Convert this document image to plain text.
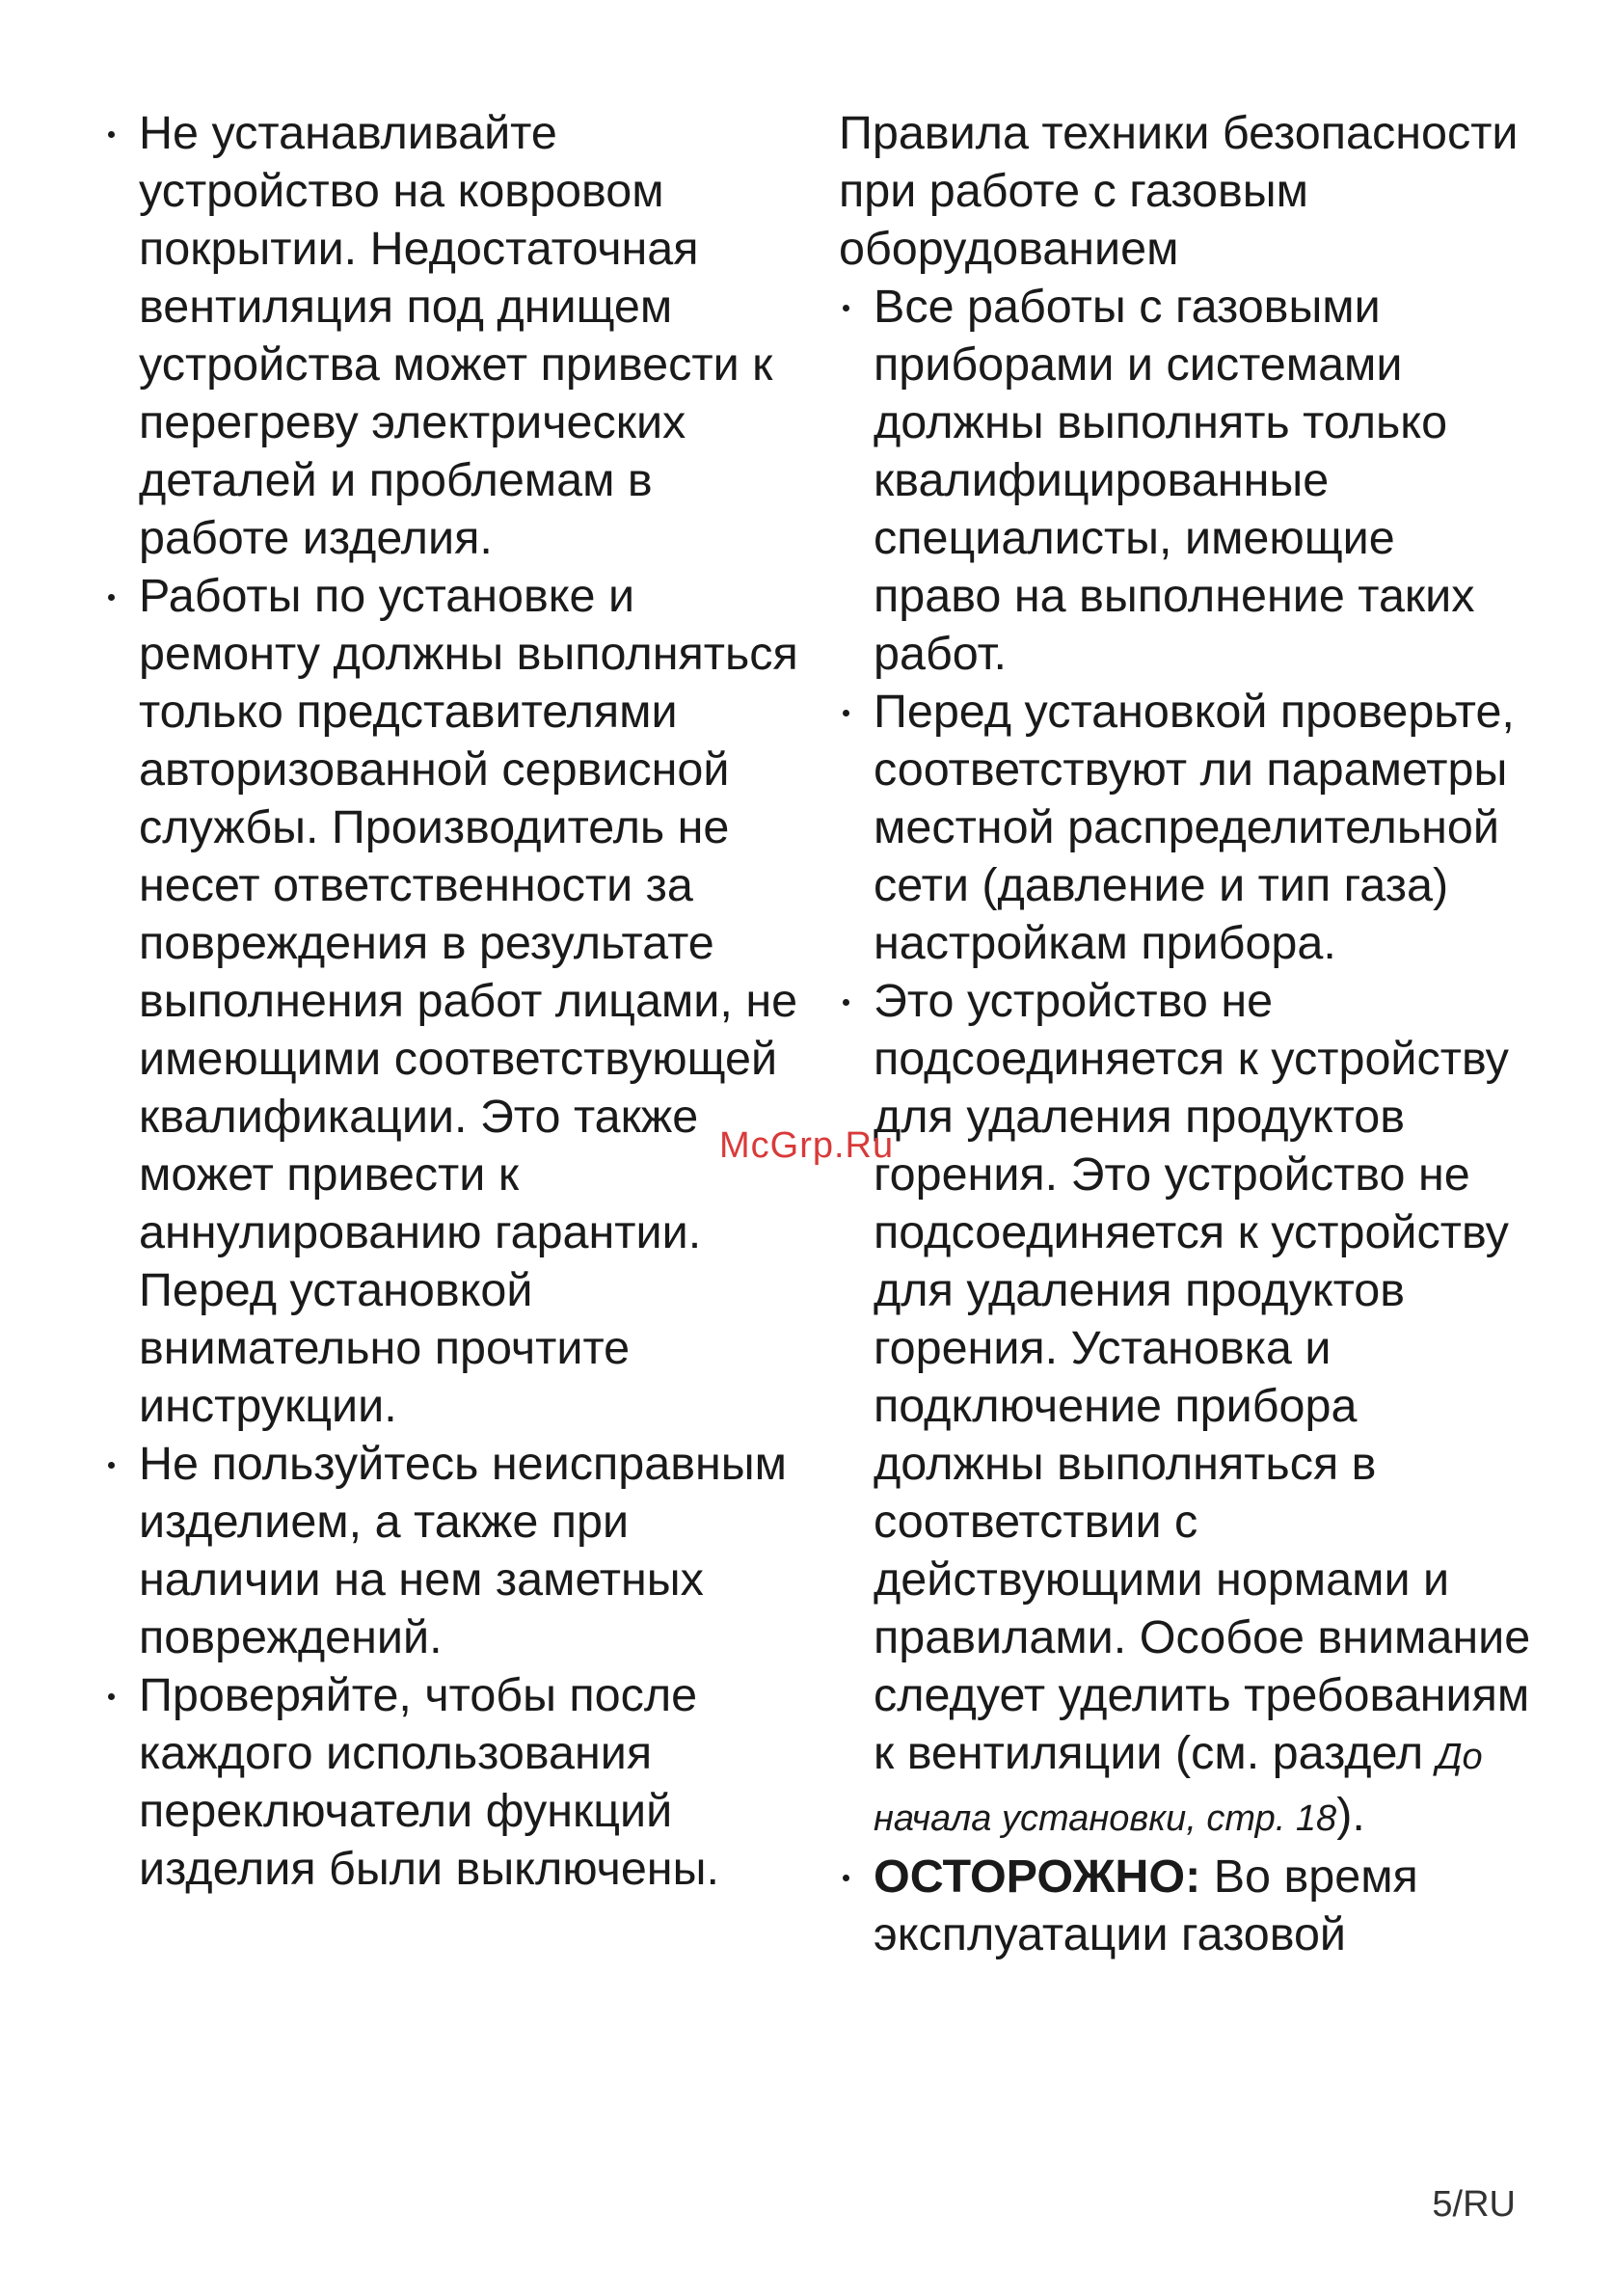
Не устанавливайте устройство на ковровом покрытии. Недостаточная вентиляция под днищем устройства может привести к перегреву электрических деталей и проблемам в работе изделия.
Работы по установке и ремонту должны выполняться только представителями авторизованной сервисной службы. Производитель не несет ответственности за повреждения в результате выполнения работ лицами, не имеющими соответствующей квалификации. Это также может привести к аннулированию гарантии. Перед установкой внимательно прочтите инструкции.
Не пользуйтесь неисправным изделием, а также при наличии на нем заметных повреждений.
Проверяйте, чтобы после каждого использования переключатели функций изделия были выключены.
Правила техники безопасности при работе с газовым оборудованием
Все работы с газовыми приборами и системами должны выполнять только квалифицированные специалисты, имеющие право на выполнение таких работ.
Перед установкой проверьте, соответствуют ли параметры местной распределительной сети (давление и тип газа) настройкам прибора.
Это устройство не подсоединяется к устройству для удаления продуктов горения. Это устройство не подсоединяется к устройству для удаления продуктов горения. Установка и подключение прибора должны выполняться в соответствии с действующими нормами и правилами. Особое внимание следует уделить требованиям к вентиляции (см. раздел До начала установки, стр. 18).
ОСТОРОЖНО: Во время эксплуатации газовой
McGrp.Ru
5/RU
